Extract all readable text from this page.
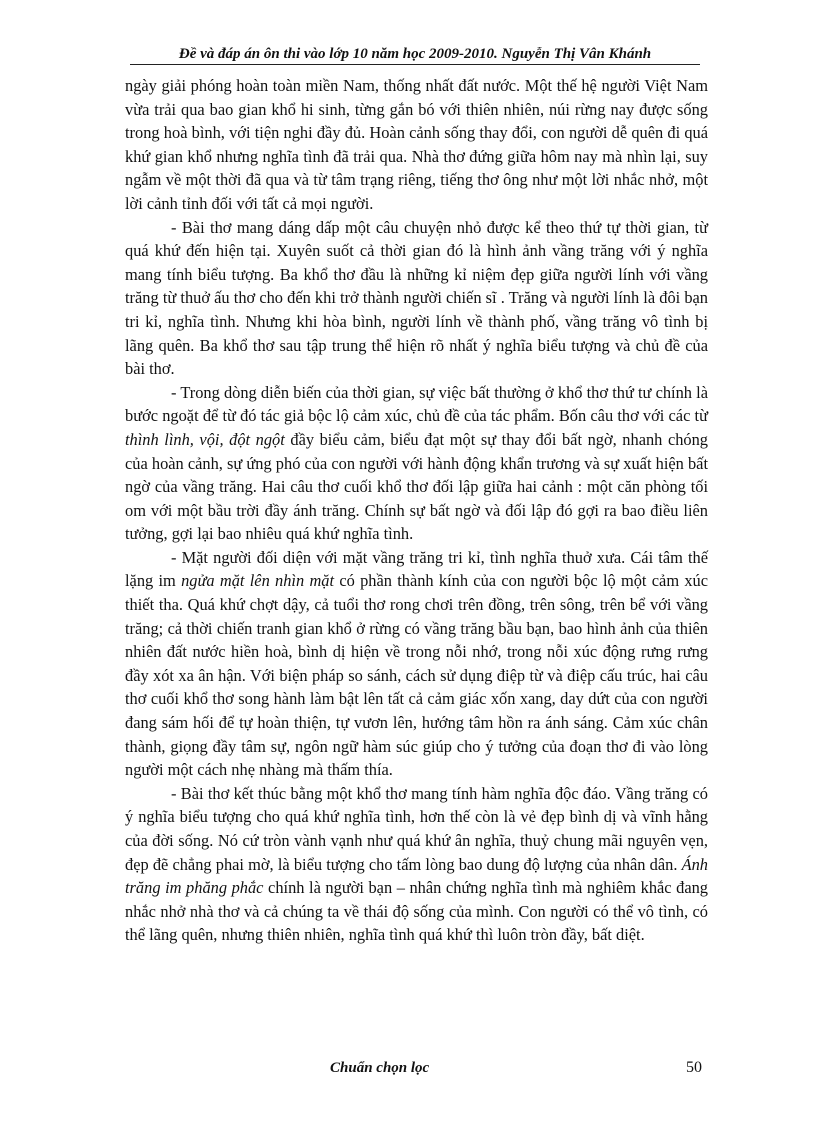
Đề và đáp án ôn thi vào lớp 10 năm học 2009-2010. Nguyễn Thị Vân Khánh

ngày giải phóng hoàn toàn miền Nam, thống nhất đất nước. Một thế hệ người Việt Nam vừa trải qua bao gian khổ hi sinh, từng gắn bó với thiên nhiên, núi rừng nay được sống trong hoà bình, với tiện nghi đầy đủ. Hoàn cảnh sống thay đổi, con người dễ quên đi quá khứ gian khổ nhưng nghĩa tình đã trải qua. Nhà thơ đứng giữa hôm nay mà nhìn lại, suy ngẫm về một thời đã qua và từ tâm trạng riêng, tiếng thơ ông như một lời nhắc nhở, một lời cảnh tỉnh đối với tất cả mọi người.

- Bài thơ mang dáng dấp một câu chuyện nhỏ được kể theo thứ tự thời gian, từ quá khứ đến hiện tại. Xuyên suốt cả thời gian đó là hình ảnh vầng trăng với ý nghĩa mang tính biểu tượng. Ba khổ thơ đầu là những kỉ niệm đẹp giữa người lính với vầng trăng từ thuở ấu thơ cho đến khi trở thành người chiến sĩ . Trăng và người lính là đôi bạn tri kỉ, nghĩa tình. Nhưng khi hòa bình, người lính về thành phố, vầng trăng vô tình bị lãng quên. Ba khổ thơ sau tập trung thể hiện rõ nhất ý nghĩa biểu tượng và chủ đề của bài thơ.

- Trong dòng diễn biến của thời gian, sự việc bất thường ở khổ thơ thứ tư chính là bước ngoặt để từ đó tác giả bộc lộ cảm xúc, chủ đề của tác phẩm. Bốn câu thơ với các từ thình lình, vội, đột ngột đầy biểu cảm, biểu đạt một sự thay đổi bất ngờ, nhanh chóng của hoàn cảnh, sự ứng phó của con người với hành động khẩn trương và sự xuất hiện bất ngờ của vầng trăng. Hai câu thơ cuối khổ thơ đối lập giữa hai cảnh : một căn phòng tối om với một bầu trời đầy ánh trăng. Chính sự bất ngờ và đối lập đó gợi ra bao điều liên tưởng, gợi lại bao nhiêu quá khứ nghĩa tình.

- Mặt người đối diện với mặt vầng trăng tri kỉ, tình nghĩa thuở xưa. Cái tâm thế lặng im ngửa mặt lên nhìn mặt có phần thành kính của con người bộc lộ một cảm xúc thiết tha. Quá khứ chợt dậy, cả tuổi thơ rong chơi trên đồng, trên sông, trên bể với vầng trăng; cả thời chiến tranh gian khổ ở rừng có vầng trăng bầu bạn, bao hình ảnh của thiên nhiên đất nước hiền hoà, bình dị hiện về trong nỗi nhớ, trong nỗi xúc động rưng rưng đầy xót xa ân hận. Với biện pháp so sánh, cách sử dụng điệp từ và điệp cấu trúc, hai câu thơ cuối khổ thơ song hành làm bật lên tất cả cảm giác xốn xang, day dứt của con người đang sám hối để tự hoàn thiện, tự vươn lên, hướng tâm hồn ra ánh sáng. Cảm xúc chân thành, giọng đầy tâm sự, ngôn ngữ hàm súc giúp cho ý tưởng của đoạn thơ đi vào lòng người một cách nhẹ nhàng mà thấm thía.

- Bài thơ kết thúc bằng một khổ thơ mang tính hàm nghĩa độc đáo. Vầng trăng có ý nghĩa biểu tượng cho quá khứ nghĩa tình, hơn thế còn là vẻ đẹp bình dị và vĩnh hằng của đời sống. Nó cứ tròn vành vạnh như quá khứ ân nghĩa, thuỷ chung mãi nguyên vẹn, đẹp đẽ chẳng phai mờ, là biểu tượng cho tấm lòng bao dung độ lượng của nhân dân. Ánh trăng im phăng phắc chính là người bạn – nhân chứng nghĩa tình mà nghiêm khắc đang nhắc nhở nhà thơ và cả chúng ta về thái độ sống của mình. Con người có thể vô tình, có thể lãng quên, nhưng thiên nhiên, nghĩa tình quá khứ thì luôn tròn đầy, bất diệt.

Chuẩn chọn lọc	50
